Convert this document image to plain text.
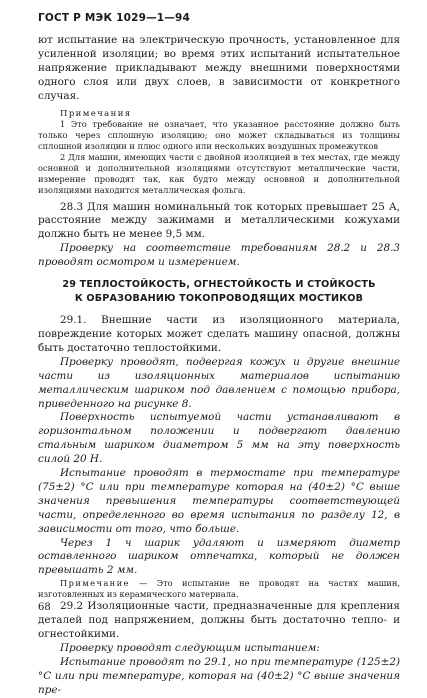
ГОСТ Р МЭК 1029—1—94

ют испытание на электрическую прочность, установленное для усиленной изоляции; во время этих испытаний испытательное напряжение прикладывают между внешними поверхностями одного слоя или двух слоев, в зависимости от конкретного случая.

Примечания

1 Это требование не означает, что указанное расстояние должно быть только через сплошную изоляцию; оно может складываться из толщины сплошной изоляции и плюс одного или нескольких воздушных промежутков

2 Для машин, имеющих части с двойной изоляцией в тех местах, где между основной и дополнительной изоляциями отсутствуют металлические части, измерение проводят так, как будто между основной и дополнительной изоляциями находится металлическая фольга.

28.3 Для машин номинальный ток которых превышает 25 А, расстояние между зажимами и металлическими кожухами должно быть не менее 9,5 мм.

Проверку на соответствие требованиям 28.2 и 28.3 проводят осмотром и измерением.

29 ТЕПЛОСТОЙКОСТЬ, ОГНЕСТОЙКОСТЬ И СТОЙКОСТЬ

К ОБРАЗОВАНИЮ ТОКОПРОВОДЯЩИХ МОСТИКОВ

29.1. Внешние части из изоляционного материала, повреждение которых может сделать машину опасной, должны быть достаточно теплостойкими.

Проверку проводят, подвергая кожух и другие внешние части из изоляционных материалов испытанию металлическим шариком под давлением с помощью прибора, приведенного на рисунке 8.

Поверхность испытуемой части устанавливают в горизонтальном положении и подвергают давлению стальным шариком диаметром 5 мм на эту поверхность силой 20 Н.

Испытание проводят в термостате при температуре (75±2) °С или при температуре которая на (40±2) °С выше значения превышения температуры соответствующей части, определенного во время испытания по разделу 12, в зависимости от того, что больше.

Через 1 ч шарик удаляют и измеряют диаметр оставленного шариком отпечатка, который не должен превышать 2 мм.

Примечание — Это испытание не проводят на частях машин, изготовленных из керамического материала.

29.2 Изоляционные части, предназначенные для крепления деталей под напряжением, должны быть достаточно тепло- и огнестойкими.

Проверку проводят следующим испытанием:

Испытание проводят по 29.1, но при температуре (125±2) °С или при температуре, которая на (40±2) °С выше значения пре-

68
